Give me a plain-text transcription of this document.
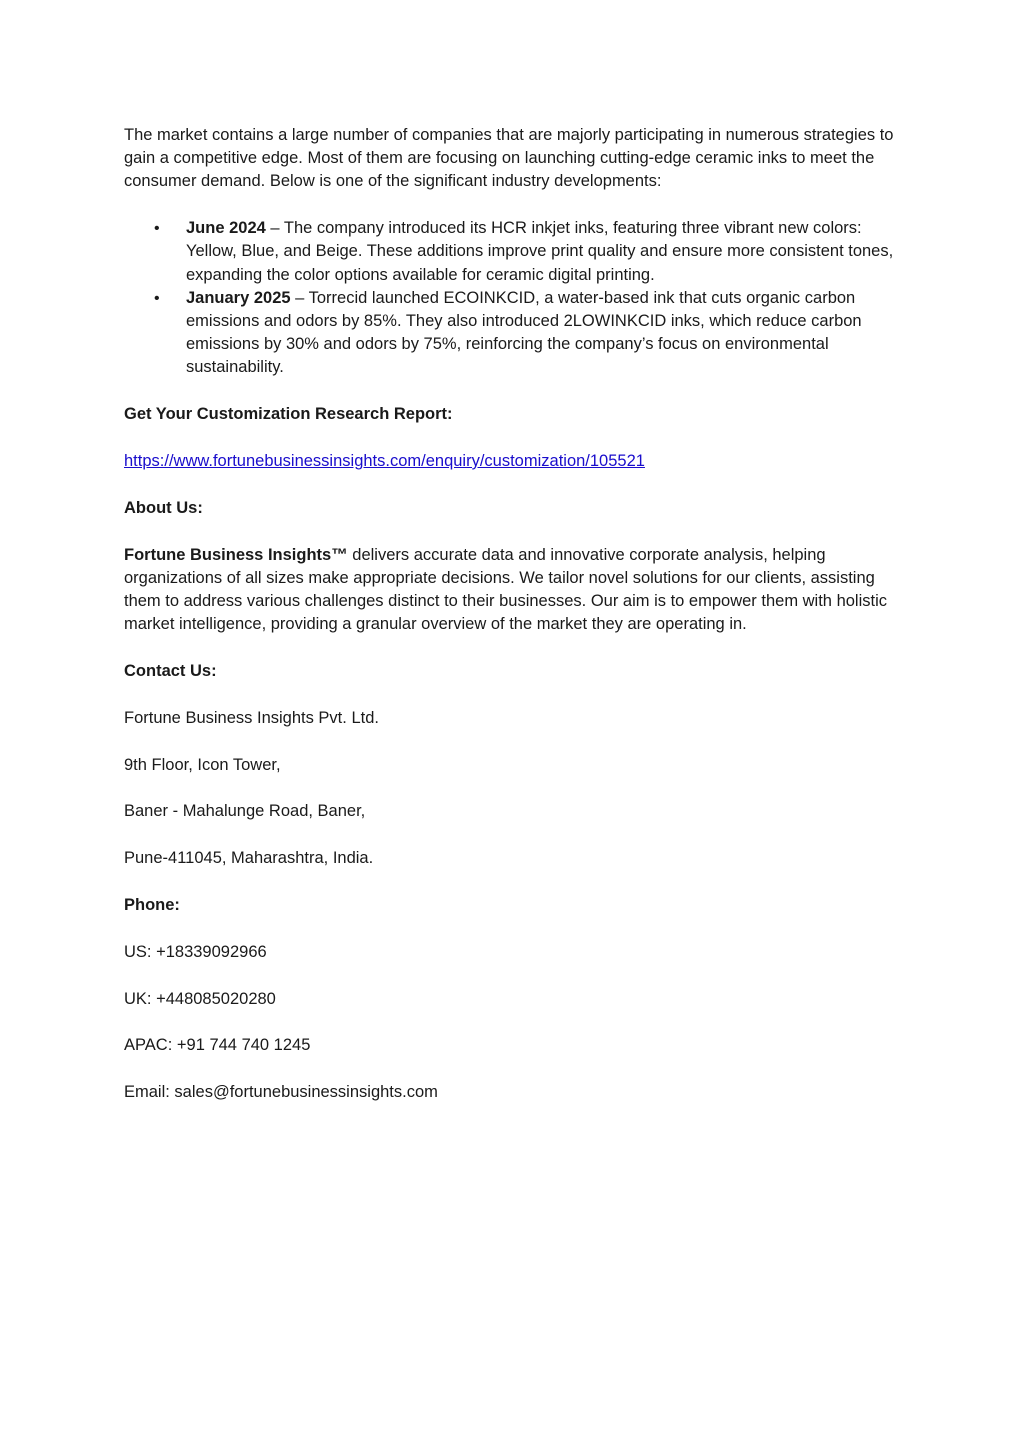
The market contains a large number of companies that are majorly participating in numerous strategies to gain a competitive edge. Most of them are focusing on launching cutting-edge ceramic inks to meet the consumer demand. Below is one of the significant industry developments:

• June 2024 – The company introduced its HCR inkjet inks, featuring three vibrant new colors: Yellow, Blue, and Beige. These additions improve print quality and ensure more consistent tones, expanding the color options available for ceramic digital printing.
• January 2025 – Torrecid launched ECOINKCID, a water-based ink that cuts organic carbon emissions and odors by 85%. They also introduced 2LOWINKCID inks, which reduce carbon emissions by 30% and odors by 75%, reinforcing the company’s focus on environmental sustainability.

Get Your Customization Research Report:

https://www.fortunebusinessinsights.com/enquiry/customization/105521

About Us:

Fortune Business Insights™ delivers accurate data and innovative corporate analysis, helping organizations of all sizes make appropriate decisions. We tailor novel solutions for our clients, assisting them to address various challenges distinct to their businesses. Our aim is to empower them with holistic market intelligence, providing a granular overview of the market they are operating in.

Contact Us:

Fortune Business Insights Pvt. Ltd.

9th Floor, Icon Tower,

Baner - Mahalunge Road, Baner,

Pune-411045, Maharashtra, India.

Phone:

US: +18339092966

UK: +448085020280

APAC: +91 744 740 1245

Email: sales@fortunebusinessinsights.com
